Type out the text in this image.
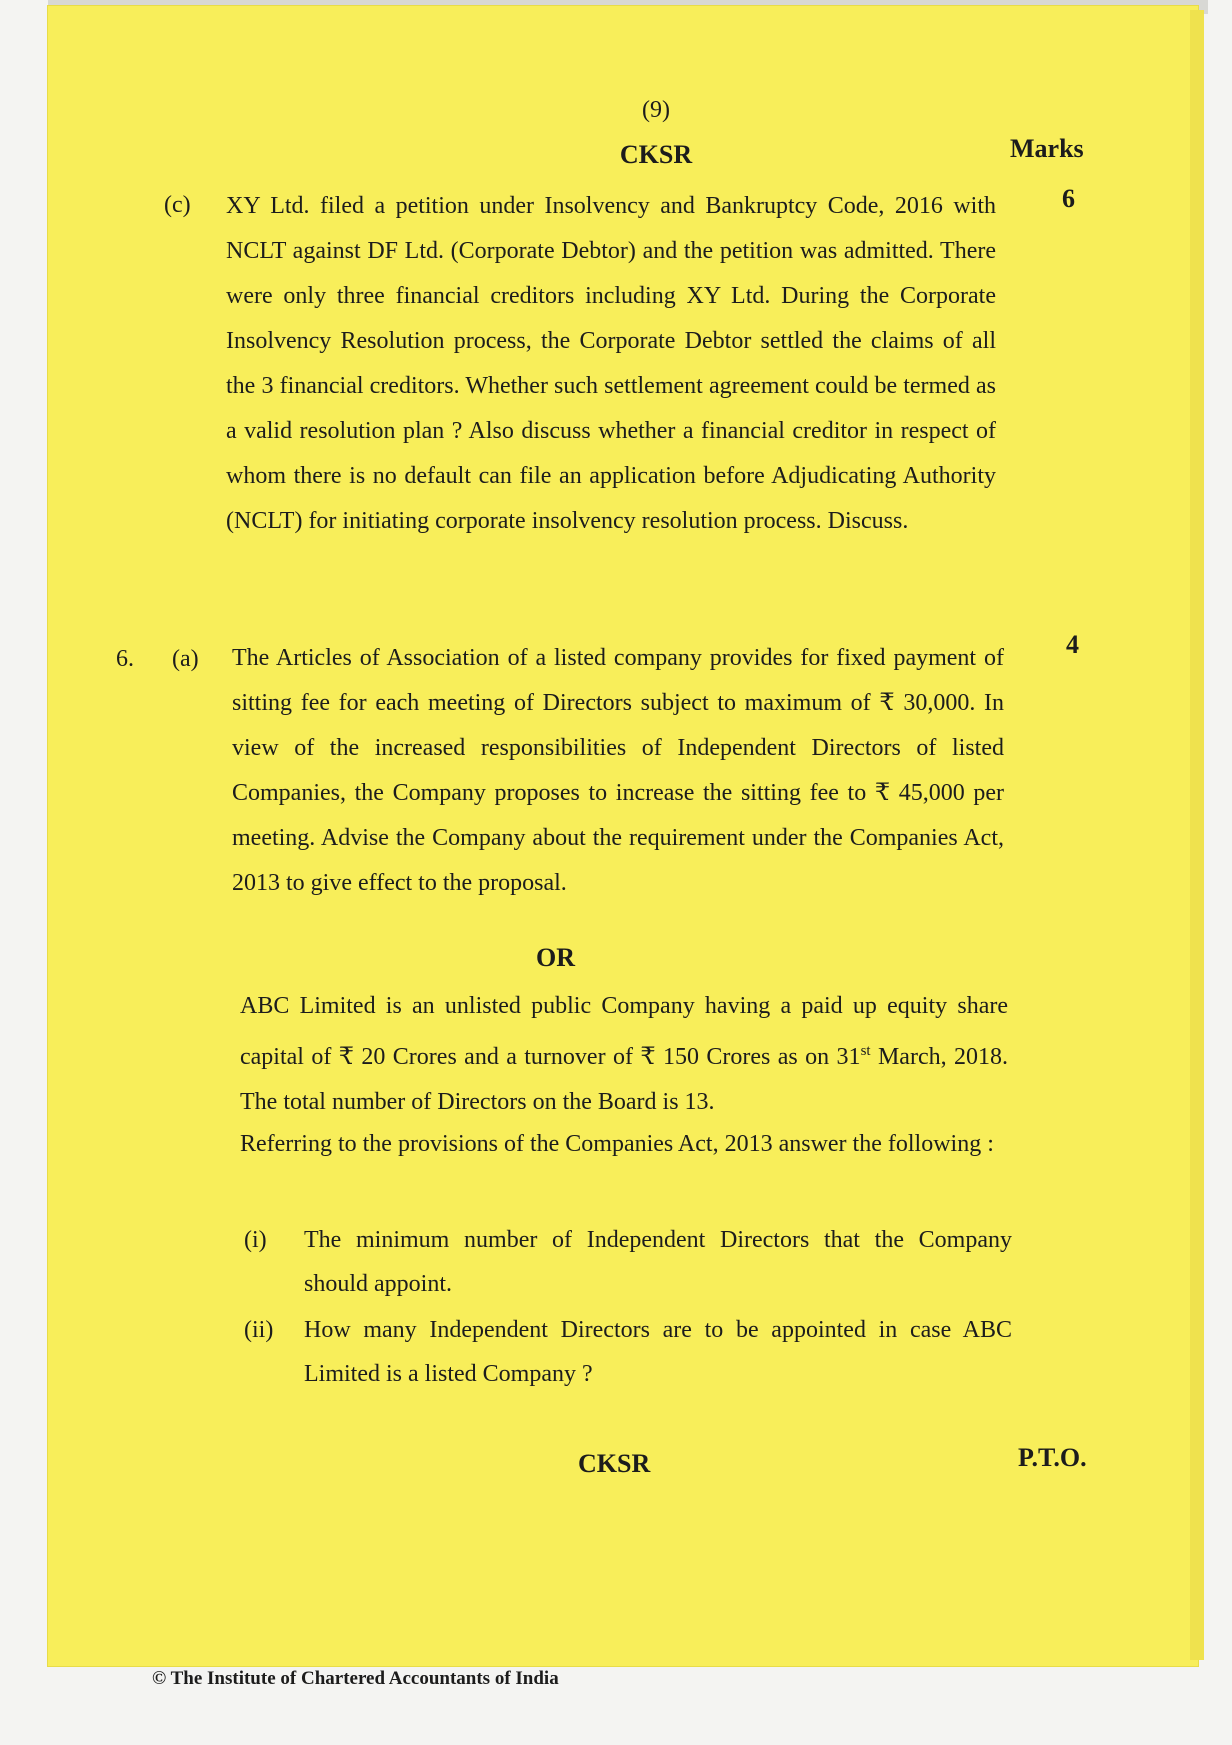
(9)
CKSR	Marks
(c) XY Ltd. filed a petition under Insolvency and Bankruptcy Code, 2016 with NCLT against DF Ltd. (Corporate Debtor) and the petition was admitted. There were only three financial creditors including XY Ltd. During the Corporate Insolvency Resolution process, the Corporate Debtor settled the claims of all the 3 financial creditors. Whether such settlement agreement could be termed as a valid resolution plan ? Also discuss whether a financial creditor in respect of whom there is no default can file an application before Adjudicating Authority (NCLT) for initiating corporate insolvency resolution process. Discuss.
6
6. (a) The Articles of Association of a listed company provides for fixed payment of sitting fee for each meeting of Directors subject to maximum of ₹ 30,000. In view of the increased responsibilities of Independent Directors of listed Companies, the Company proposes to increase the sitting fee to ₹ 45,000 per meeting. Advise the Company about the requirement under the Companies Act, 2013 to give effect to the proposal.
4
OR
ABC Limited is an unlisted public Company having a paid up equity share capital of ₹ 20 Crores and a turnover of ₹ 150 Crores as on 31st March, 2018. The total number of Directors on the Board is 13.
Referring to the provisions of the Companies Act, 2013 answer the following :
(i) The minimum number of Independent Directors that the Company should appoint.
(ii) How many Independent Directors are to be appointed in case ABC Limited is a listed Company ?
CKSR	P.T.O.
© The Institute of Chartered Accountants of India
